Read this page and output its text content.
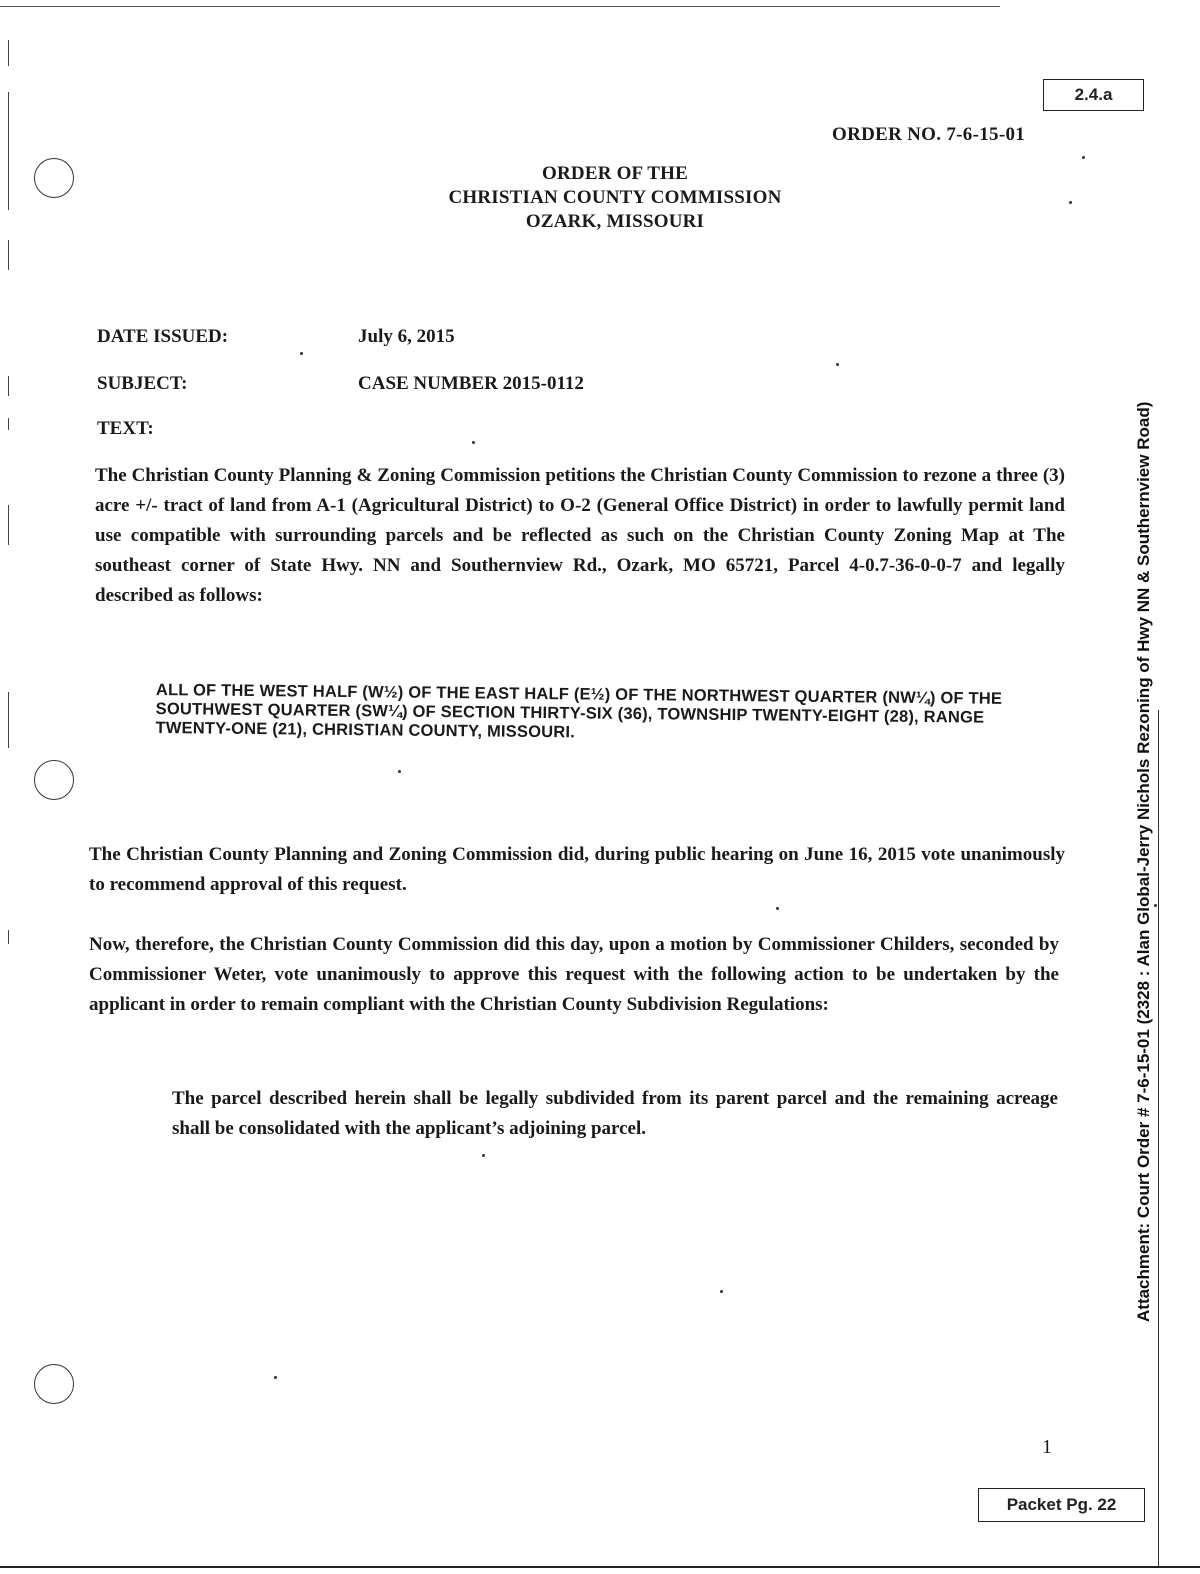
2.4.a
Packet Pg. 22
ORDER NO. 7-6-15-01
ORDER OF THE
CHRISTIAN COUNTY COMMISSION
OZARK, MISSOURI
DATE ISSUED:	July 6, 2015
SUBJECT:	CASE NUMBER 2015-0112
TEXT:
The Christian County Planning & Zoning Commission petitions the Christian County Commission to rezone a three (3) acre +/- tract of land from A-1 (Agricultural District) to O-2 (General Office District) in order to lawfully permit land use compatible with surrounding parcels and be reflected as such on the Christian County Zoning Map at The southeast corner of State Hwy. NN and Southernview Rd., Ozark, MO 65721, Parcel 4-0.7-36-0-0-7 and legally described as follows:
ALL OF THE WEST HALF (W½) OF THE EAST HALF (E½) OF THE NORTHWEST QUARTER (NW¼) OF THE SOUTHWEST QUARTER (SW¼) OF SECTION THIRTY-SIX (36), TOWNSHIP TWENTY-EIGHT (28), RANGE TWENTY-ONE (21), CHRISTIAN COUNTY, MISSOURI.
The Christian County Planning and Zoning Commission did, during public hearing on June 16, 2015 vote unanimously to recommend approval of this request.
Now, therefore, the Christian County Commission did this day, upon a motion by Commissioner Childers, seconded by Commissioner Weter, vote unanimously to approve this request with the following action to be undertaken by the applicant in order to remain compliant with the Christian County Subdivision Regulations:
The parcel described herein shall be legally subdivided from its parent parcel and the remaining acreage shall be consolidated with the applicant’s adjoining parcel.	Attachment: Court Order # 7-6-15-01 (2328 : Alan Global-Jerry Nichols Rezoning of Hwy NN & Southernview Road)
1
